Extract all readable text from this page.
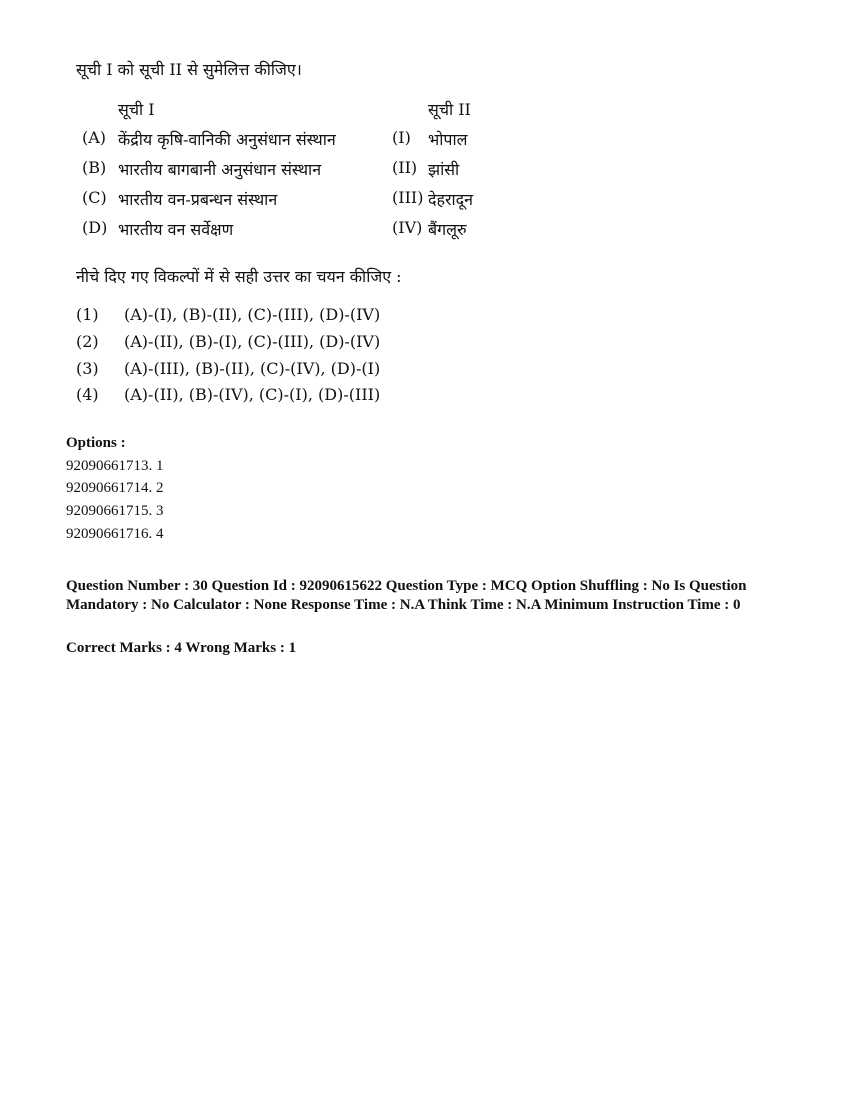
सूची I को सूची II से सुमेलित्त कीजिए।
सूची I	सूची II
(A) केंद्रीय कृषि-वानिकी अनुसंधान संस्थान	(I) भोपाल
(B) भारतीय बागबानी अनुसंधान संस्थान	(II) झांसी
(C) भारतीय वन-प्रबन्धन संस्थान	(III) देहरादून
(D) भारतीय वन सर्वेक्षण	(IV) बैंगलूरु
नीचे दिए गए विकल्पों में से सही उत्तर का चयन कीजिए :
(1) (A)-(I), (B)-(II), (C)-(III), (D)-(IV)
(2) (A)-(II), (B)-(I), (C)-(III), (D)-(IV)
(3) (A)-(III), (B)-(II), (C)-(IV), (D)-(I)
(4) (A)-(II), (B)-(IV), (C)-(I), (D)-(III)
Options :
92090661713. 1
92090661714. 2
92090661715. 3
92090661716. 4
Question Number : 30 Question Id : 92090615622 Question Type : MCQ Option Shuffling : No Is Question Mandatory : No Calculator : None Response Time : N.A Think Time : N.A Minimum Instruction Time : 0
Correct Marks : 4 Wrong Marks : 1
